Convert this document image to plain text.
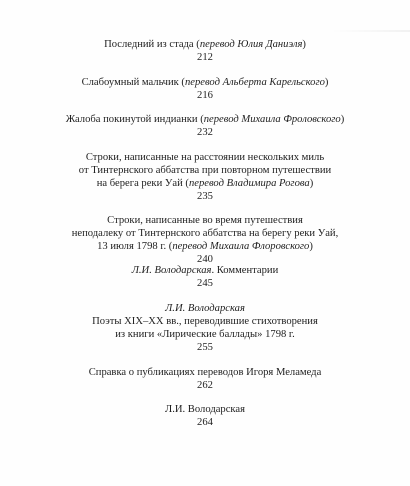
Последний из стада (перевод Юлия Даниэля)
212
Слабоумный мальчик (перевод Альберта Карельского)
216
Жалоба покинутой индианки (перевод Михаила Фроловского)
232
Строки, написанные на расстоянии нескольких миль
от Тинтернского аббатства при повторном путешествии
на берега реки Уай (перевод Владимира Рогова)
235
Строки, написанные во время путешествия
неподалеку от Тинтернского аббатства на берегу реки Уай,
13 июля 1798 г. (перевод Михаила Флоровского)
240
Л.И. Володарская. Комментарии
245
Л.И. Володарская
Поэты XIX–XX вв., переводившие стихотворения
из книги «Лирические баллады» 1798 г.
255
Справка о публикациях переводов Игоря Меламеда
262
Л.И. Володарская
264
